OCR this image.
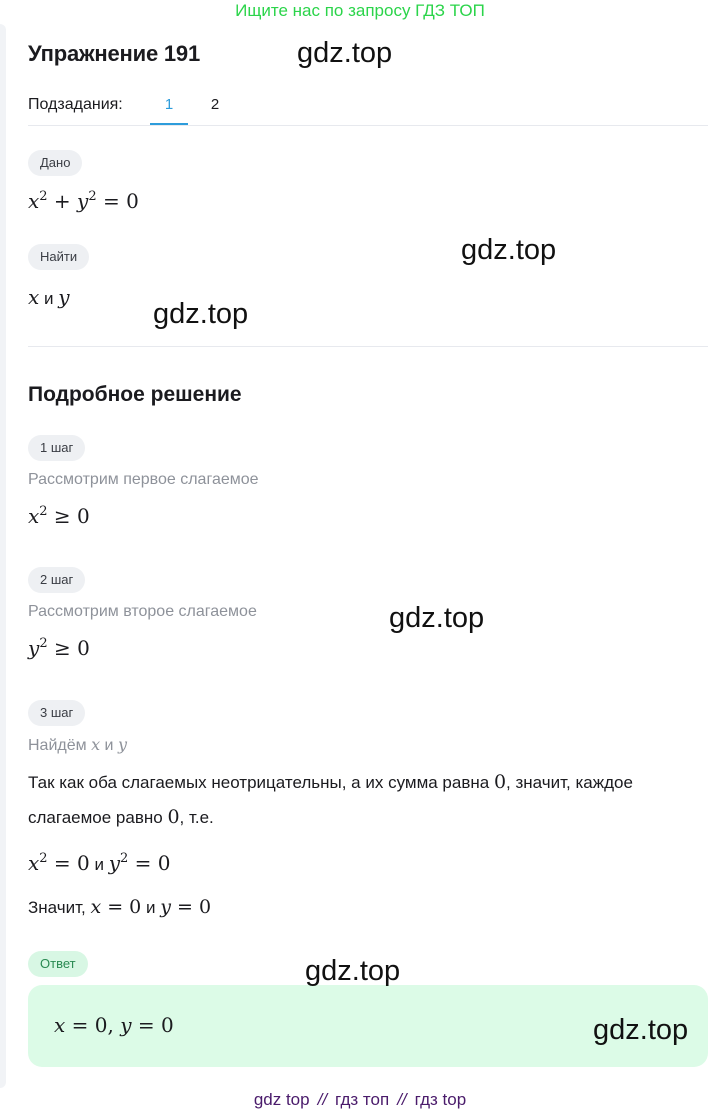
Ищите нас по запросу ГДЗ ТОП
Упражнение 191
Подзадания:	1	2
Дано
$x^2 + y^2 = 0$
Найти
x и y
Подробное решение
1 шаг
Рассмотрим первое слагаемое
$x^2 \ge 0$
2 шаг
Рассмотрим второе слагаемое
$y^2 \ge 0$
3 шаг
Найдём x и y
Так как оба слагаемых неотрицательны, а их сумма равна 0, значит, каждое
слагаемое равно 0, т.е.
$x^2 = 0$ и $y^2 = 0$
Значит, x = 0 и y = 0
Ответ
x = 0, y = 0
gdz.top
gdz.top
gdz.top
gdz.top
gdz.top
gdz.top
gdz top // гдз топ // гдз top
